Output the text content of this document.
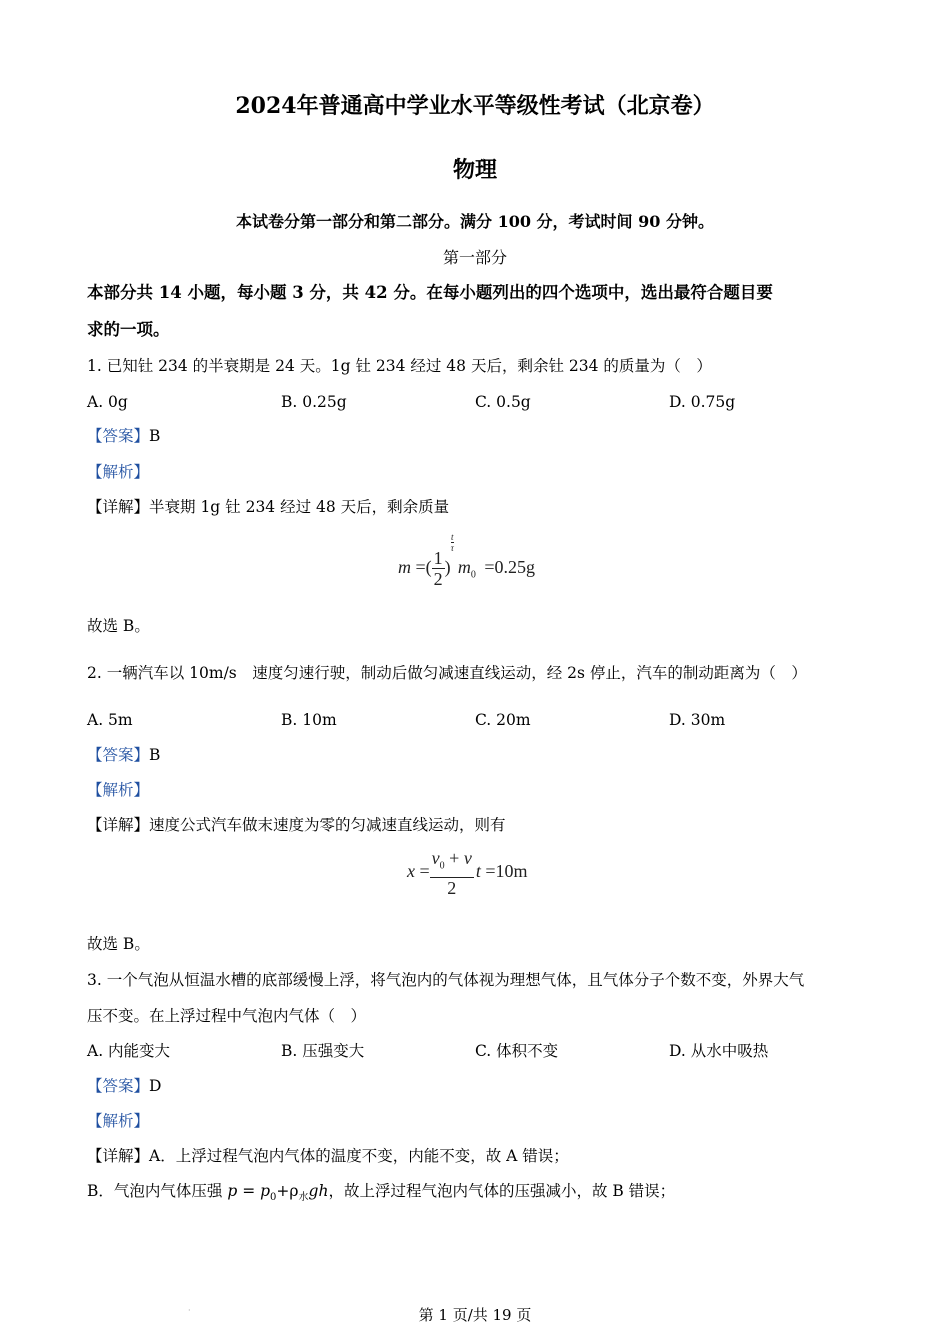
2024年普通高中学业水平等级性考试（北京卷）
物理
本试卷分第一部分和第二部分。满分 100 分，考试时间 90 分钟。
第一部分
本部分共 14 小题，每小题 3 分，共 42 分。在每小题列出的四个选项中，选出最符合题目要
求的一项。
1. 已知钍 234 的半衰期是 24 天。1g 钍 234 经过 48 天后，剩余钍 234 的质量为（　）
A. 0g	B. 0.25g	C. 0.5g	D. 0.75g
【答案】B
【解析】
【详解】半衰期 1g 钍 234 经过 48 天后，剩余质量
m =( $\frac{1}{2}$ )
$^{\frac{t}{\tau}}$
$m_0 =0.25g$
故选 B。
2. 一辆汽车以 10m/s　速度匀速行驶，制动后做匀减速直线运动，经 2s 停止，汽车的制动距离为（　）
A. 5m	B. 10m	C. 20m	D. 30m
【答案】B
【解析】
【详解】速度公式汽车做末速度为零的匀减速直线运动，则有
$x = \frac{v_0 + v}{2}$ t =10m
故选 B。
3. 一个气泡从恒温水槽的底部缓慢上浮，将气泡内的气体视为理想气体，且气体分子个数不变，外界大气
压不变。在上浮过程中气泡内气体（　）
A. 内能变大	B. 压强变大	C. 体积不变	D. 从水中吸热
【答案】D
【解析】
【详解】A．上浮过程气泡内气体的温度不变，内能不变，故 A 错误；
B．气泡内气体压强 $p = p_0+\rho_水gh$，故上浮过程气泡内气体的压强减小，故 B 错误；
·	第 1 页/共 19 页
